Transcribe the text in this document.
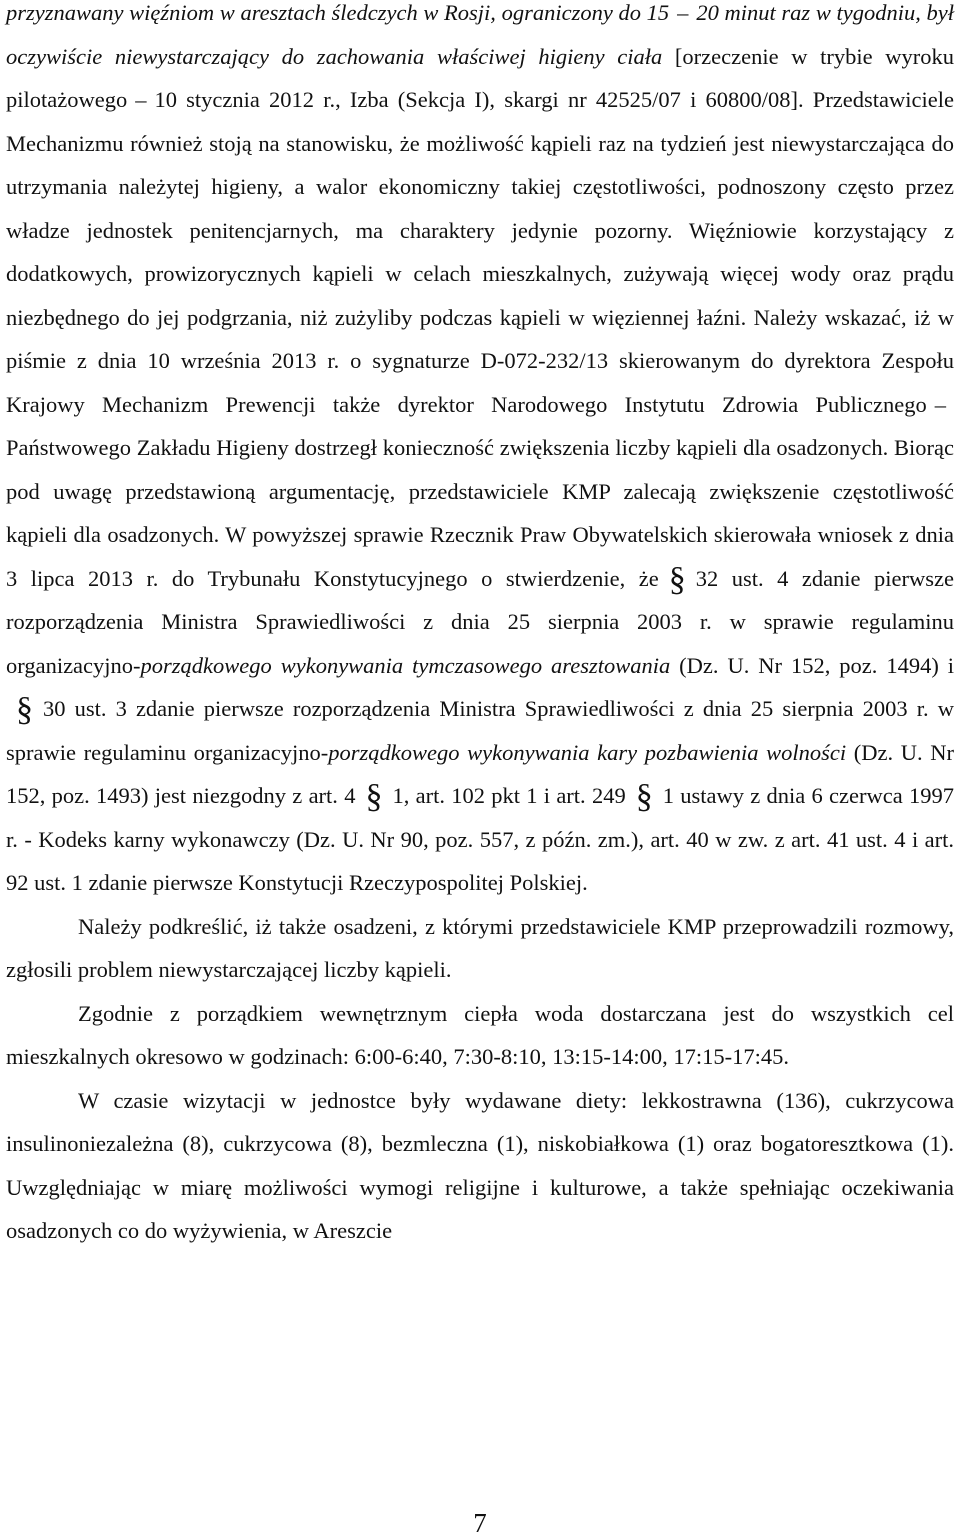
przyznawany więźniom w aresztach śledczych w Rosji, ograniczony do 15 – 20 minut raz w tygodniu, był oczywiście niewystarczający do zachowania właściwej higieny ciała [orzeczenie w trybie wyroku pilotażowego – 10 stycznia 2012 r., Izba (Sekcja I), skargi nr 42525/07 i 60800/08]. Przedstawiciele Mechanizmu również stoją na stanowisku, że możliwość kąpieli raz na tydzień jest niewystarczająca do utrzymania należytej higieny, a walor ekonomiczny takiej częstotliwości, podnoszony często przez władze jednostek penitencjarnych, ma charaktery jedynie pozorny. Więźniowie korzystający z dodatkowych, prowizorycznych kąpieli w celach mieszkalnych, zużywają więcej wody oraz prądu niezbędnego do jej podgrzania, niż zużyliby podczas kąpieli w więziennej łaźni. Należy wskazać, iż w piśmie z dnia 10 września 2013 r. o sygnaturze D-072-232/13 skierowanym do dyrektora Zespołu Krajowy Mechanizm Prewencji także dyrektor Narodowego Instytutu Zdrowia Publicznego –Państwowego Zakładu Higieny dostrzegł konieczność zwiększenia liczby kąpieli dla osadzonych. Biorąc pod uwagę przedstawioną argumentację, przedstawiciele KMP zalecają zwiększenie częstotliwość kąpieli dla osadzonych. W powyższej sprawie Rzecznik Praw Obywatelskich skierowała wniosek z dnia 3 lipca 2013 r. do Trybunału Konstytucyjnego o stwierdzenie, że § 32 ust. 4 zdanie pierwsze rozporządzenia Ministra Sprawiedliwości z dnia 25 sierpnia 2003 r. w sprawie regulaminu organizacyjno-porządkowego wykonywania tymczasowego aresztowania (Dz. U. Nr 152, poz. 1494) i§ 30 ust. 3 zdanie pierwsze rozporządzenia Ministra Sprawiedliwości z dnia 25 sierpnia 2003 r. w sprawie regulaminu organizacyjno-porządkowego wykonywania kary pozbawienia wolności (Dz. U. Nr 152, poz. 1493) jest niezgodny z art. 4 § 1, art. 102 pkt 1 i art. 249 § 1 ustawy z dnia 6 czerwca 1997 r. - Kodeks karny wykonawczy (Dz. U. Nr 90, poz. 557, z późn. zm.), art. 40 w zw. z art. 41 ust. 4 i art. 92 ust. 1 zdanie pierwsze Konstytucji Rzeczypospolitej Polskiej.

Należy podkreślić, iż także osadzeni, z którymi przedstawiciele KMP przeprowadzili rozmowy, zgłosili problem niewystarczającej liczby kąpieli.

Zgodnie z porządkiem wewnętrznym ciepła woda dostarczana jest do wszystkich cel mieszkalnych okresowo w godzinach: 6:00-6:40, 7:30-8:10, 13:15-14:00, 17:15-17:45.

W czasie wizytacji w jednostce były wydawane diety: lekkostrawna (136), cukrzycowa insulinoniezależna (8), cukrzycowa (8), bezmleczna (1), niskobiałkowa (1) oraz bogatoresztkowa (1). Uwzględniając w miarę możliwości wymogi religijne i kulturowe, a także spełniając oczekiwania osadzonych co do wyżywienia, w Areszcie

7
